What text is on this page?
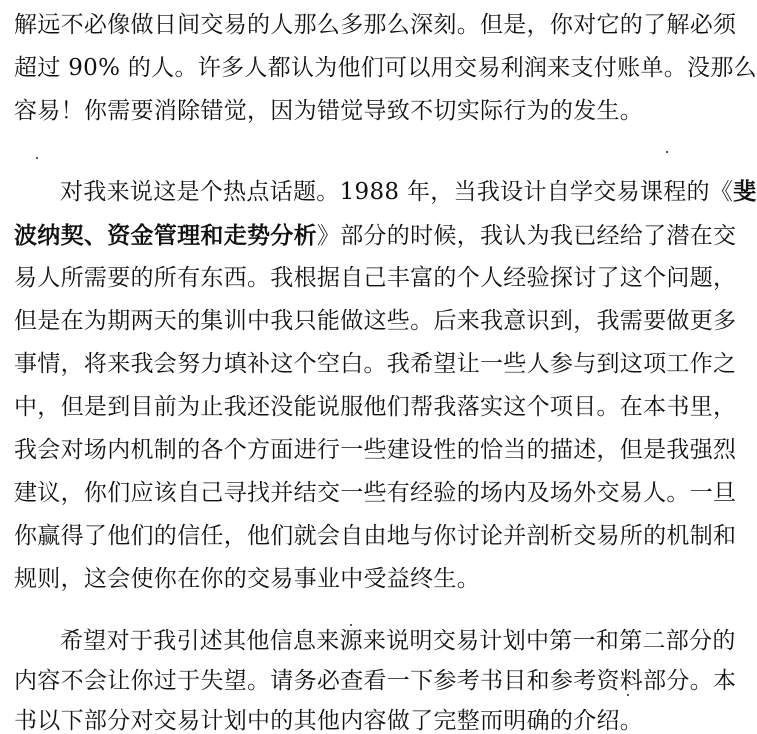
解远不必像做日间交易的人那么多那么深刻。但是，你对它的了解必须
超过 90% 的人。许多人都认为他们可以用交易利润来支付账单。没那么
容易！你需要消除错觉，因为错觉导致不切实际行为的发生。
对我来说这是个热点话题。1988 年，当我设计自学交易课程的《斐
波纳契、资金管理和走势分析》部分的时候，我认为我已经给了潜在交
易人所需要的所有东西。我根据自己丰富的个人经验探讨了这个问题，
但是在为期两天的集训中我只能做这些。后来我意识到，我需要做更多
事情，将来我会努力填补这个空白。我希望让一些人参与到这项工作之
中，但是到目前为止我还没能说服他们帮我落实这个项目。在本书里，
我会对场内机制的各个方面进行一些建设性的恰当的描述，但是我强烈
建议，你们应该自己寻找并结交一些有经验的场内及场外交易人。一旦
你赢得了他们的信任，他们就会自由地与你讨论并剖析交易所的机制和
规则，这会使你在你的交易事业中受益终生。
希望对于我引述其他信息来源来说明交易计划中第一和第二部分的
内容不会让你过于失望。请务必查看一下参考书目和参考资料部分。本
书以下部分对交易计划中的其他内容做了完整而明确的介绍。
